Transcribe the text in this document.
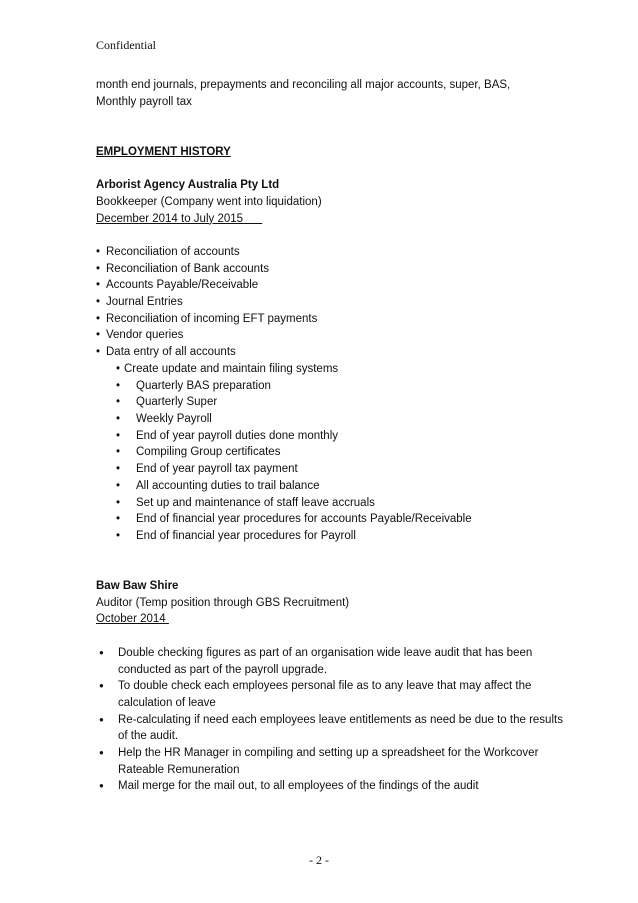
Confidential
month end journals, prepayments and reconciling all major accounts, super, BAS,
Monthly payroll tax
EMPLOYMENT HISTORY
Arborist Agency Australia Pty Ltd
Bookkeeper (Company went into liquidation)
December 2014 to July 2015
• Reconciliation of accounts
• Reconciliation of Bank accounts
• Accounts Payable/Receivable
• Journal Entries
• Reconciliation of incoming EFT payments
• Vendor queries
• Data entry of all accounts
• Create update and maintain filing systems
• Quarterly BAS preparation
• Quarterly Super
• Weekly Payroll
• End of year payroll duties done monthly
• Compiling Group certificates
• End of year payroll tax payment
• All accounting duties to trail balance
• Set up and maintenance of staff leave accruals
• End of financial year procedures for accounts Payable/Receivable
• End of financial year procedures for Payroll
Baw Baw Shire
Auditor (Temp position through GBS Recruitment)
October 2014
● Double checking figures as part of an organisation wide leave audit that has been conducted as part of the payroll upgrade.
● To double check each employees personal file as to any leave that may affect the calculation of leave
● Re-calculating if need each employees leave entitlements as need be due to the results of the audit.
● Help the HR Manager in compiling and setting up a spreadsheet for the Workcover Rateable Remuneration
● Mail merge for the mail out, to all employees of the findings of the audit
- 2 -
